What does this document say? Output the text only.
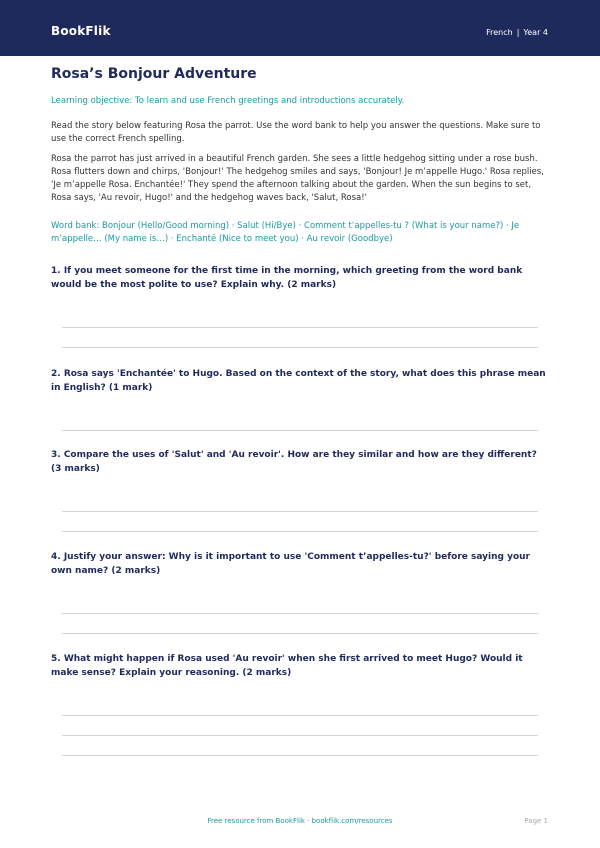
BookFlik	French | Year 4
Rosa’s Bonjour Adventure
Learning objective: To learn and use French greetings and introductions accurately.
Read the story below featuring Rosa the parrot. Use the word bank to help you answer the questions. Make sure to use the correct French spelling.
Rosa the parrot has just arrived in a beautiful French garden. She sees a little hedgehog sitting under a rose bush. Rosa flutters down and chirps, 'Bonjour!' The hedgehog smiles and says, 'Bonjour! Je m’appelle Hugo.' Rosa replies, 'Je m’appelle Rosa. Enchantée!' They spend the afternoon talking about the garden. When the sun begins to set, Rosa says, 'Au revoir, Hugo!' and the hedgehog waves back, 'Salut, Rosa!'
Word bank: Bonjour (Hello/Good morning) · Salut (Hi/Bye) · Comment t’appelles-tu ? (What is your name?) · Je m’appelle… (My name is…) · Enchanté (Nice to meet you) · Au revoir (Goodbye)
1. If you meet someone for the first time in the morning, which greeting from the word bank would be the most polite to use? Explain why. (2 marks)
2. Rosa says 'Enchantée' to Hugo. Based on the context of the story, what does this phrase mean in English? (1 mark)
3. Compare the uses of 'Salut' and 'Au revoir'. How are they similar and how are they different? (3 marks)
4. Justify your answer: Why is it important to use 'Comment t’appelles-tu?' before saying your own name? (2 marks)
5. What might happen if Rosa used 'Au revoir' when she first arrived to meet Hugo? Would it make sense? Explain your reasoning. (2 marks)
Free resource from BookFlik · bookflik.com/resources	Page 1
